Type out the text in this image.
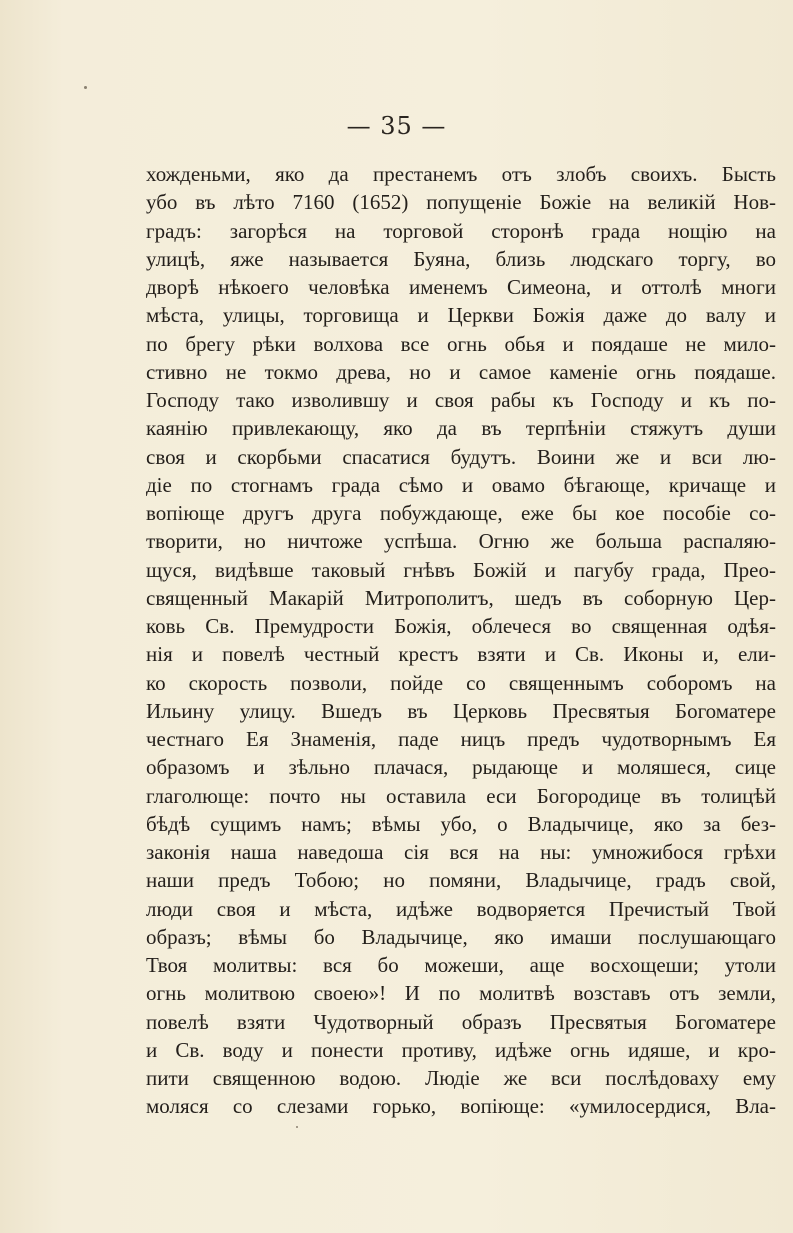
— 35 —
хожденьми, яко да престанемъ отъ злобъ своихъ. Бысть
убо въ лѣто 7160 (1652) попущеніе Божіе на великій Нов-
градъ: загорѣся на торговой сторонѣ града нощію на
улицѣ, яже называется Буяна, близь людскаго торгу, во
дворѣ нѣкоего человѣка именемъ Симеона, и оттолѣ многи
мѣста, улицы, торговища и Церкви Божія даже до валу и
по брегу рѣки волхова все огнь обья и поядаше не мило-
стивно не токмо древа, но и самое каменіе огнь поядаше.
Господу тако изволившу и своя рабы къ Господу и къ по-
каянію привлекающу, яко да въ терпѣніи стяжутъ души
своя и скорбьми спасатися будутъ. Воини же и вси лю-
діе по стогнамъ града сѣмо и овамо бѣгающе, кричаще и
вопіюще другъ друга побуждающе, еже бы кое пособіе со-
творити, но ничтоже успѣша. Огню же больша распаляю-
щуся, видѣвше таковый гнѣвъ Божій и пагубу града, Прео-
священный Макарій Митрополитъ, шедъ въ соборную Цер-
ковь Св. Премудрости Божія, облечеся во священная одѣя-
нія и повелѣ честный крестъ взяти и Св. Иконы и, ели-
ко скорость позволи, пойде со священнымъ соборомъ на
Ильину улицу. Вшедъ въ Церковь Пресвятыя Богоматере
честнаго Ея Знаменія, паде ницъ предъ чудотворнымъ Ея
образомъ и зѣльно плачася, рыдающе и моляшеся, сице
глаголюще: почто ны оставила еси Богородице въ толицѣй
бѣдѣ сущимъ намъ; вѣмы убо, о Владычице, яко за без-
законія наша наведоша сія вся на ны: умножибося грѣхи
наши предъ Тобою; но помяни, Владычице, градъ свой,
люди своя и мѣста, идѣже водворяется Пречистый Твой
образъ; вѣмы бо Владычице, яко имаши послушающаго
Твоя молитвы: вся бо можеши, аще восхощеши; утоли
огнь молитвою своею»! И по молитвѣ возставъ отъ земли,
повелѣ взяти Чудотворный образъ Пресвятыя Богоматере
и Св. воду и понести противу, идѣже огнь идяше, и кро-
пити священною водою. Людіе же вси послѣдоваху ему
моляся со слезами горько, вопіюще: «умилосердися, Вла-
